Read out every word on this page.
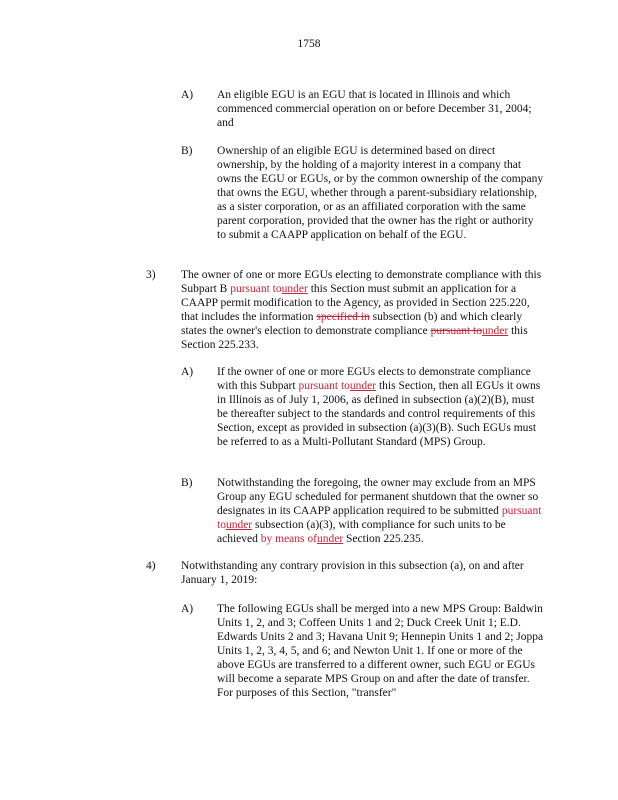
1758
A) An eligible EGU is an EGU that is located in Illinois and which commenced commercial operation on or before December 31, 2004; and
B) Ownership of an eligible EGU is determined based on direct ownership, by the holding of a majority interest in a company that owns the EGU or EGUs, or by the common ownership of the company that owns the EGU, whether through a parent-subsidiary relationship, as a sister corporation, or as an affiliated corporation with the same parent corporation, provided that the owner has the right or authority to submit a CAAPP application on behalf of the EGU.
3) The owner of one or more EGUs electing to demonstrate compliance with this Subpart B pursuant tounder this Section must submit an application for a CAAPP permit modification to the Agency, as provided in Section 225.220, that includes the information specified in subsection (b) and which clearly states the owner's election to demonstrate compliance pursuant tounder this Section 225.233.
A) If the owner of one or more EGUs elects to demonstrate compliance with this Subpart pursuant tounder this Section, then all EGUs it owns in Illinois as of July 1, 2006, as defined in subsection (a)(2)(B), must be thereafter subject to the standards and control requirements of this Section, except as provided in subsection (a)(3)(B). Such EGUs must be referred to as a Multi-Pollutant Standard (MPS) Group.
B) Notwithstanding the foregoing, the owner may exclude from an MPS Group any EGU scheduled for permanent shutdown that the owner so designates in its CAAPP application required to be submitted pursuant tounder subsection (a)(3), with compliance for such units to be achieved by means ofunder Section 225.235.
4) Notwithstanding any contrary provision in this subsection (a), on and after January 1, 2019:
A) The following EGUs shall be merged into a new MPS Group: Baldwin Units 1, 2, and 3; Coffeen Units 1 and 2; Duck Creek Unit 1; E.D. Edwards Units 2 and 3; Havana Unit 9; Hennepin Units 1 and 2; Joppa Units 1, 2, 3, 4, 5, and 6; and Newton Unit 1. If one or more of the above EGUs are transferred to a different owner, such EGU or EGUs will become a separate MPS Group on and after the date of transfer. For purposes of this Section, "transfer"
